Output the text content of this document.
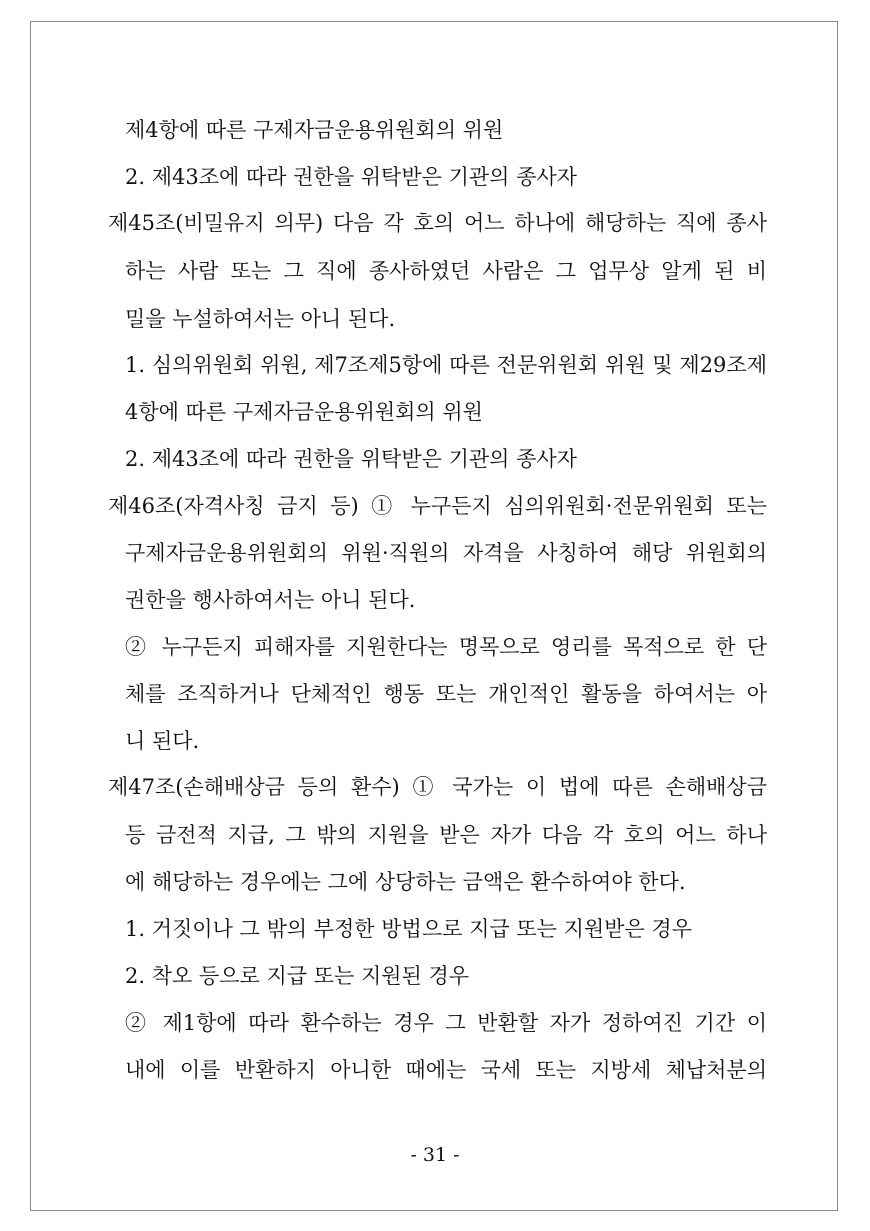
제4항에 따른 구제자금운용위원회의 위원
2. 제43조에 따라 권한을 위탁받은 기관의 종사자
제45조(비밀유지 의무) 다음 각 호의 어느 하나에 해당하는 직에 종사
하는 사람 또는 그 직에 종사하였던 사람은 그 업무상 알게 된 비
밀을 누설하여서는 아니 된다.
1. 심의위원회 위원, 제7조제5항에 따른 전문위원회 위원 및 제29조제
4항에 따른 구제자금운용위원회의 위원
2. 제43조에 따라 권한을 위탁받은 기관의 종사자
제46조(자격사칭 금지 등) ① 누구든지 심의위원회·전문위원회 또는
구제자금운용위원회의 위원·직원의 자격을 사칭하여 해당 위원회의
권한을 행사하여서는 아니 된다.
② 누구든지 피해자를 지원한다는 명목으로 영리를 목적으로 한 단
체를 조직하거나 단체적인 행동 또는 개인적인 활동을 하여서는 아
니 된다.
제47조(손해배상금 등의 환수) ① 국가는 이 법에 따른 손해배상금
등 금전적 지급, 그 밖의 지원을 받은 자가 다음 각 호의 어느 하나
에 해당하는 경우에는 그에 상당하는 금액은 환수하여야 한다.
1. 거짓이나 그 밖의 부정한 방법으로 지급 또는 지원받은 경우
2. 착오 등으로 지급 또는 지원된 경우
② 제1항에 따라 환수하는 경우 그 반환할 자가 정하여진 기간 이
내에 이를 반환하지 아니한 때에는 국세 또는 지방세 체납처분의
- 31 -
